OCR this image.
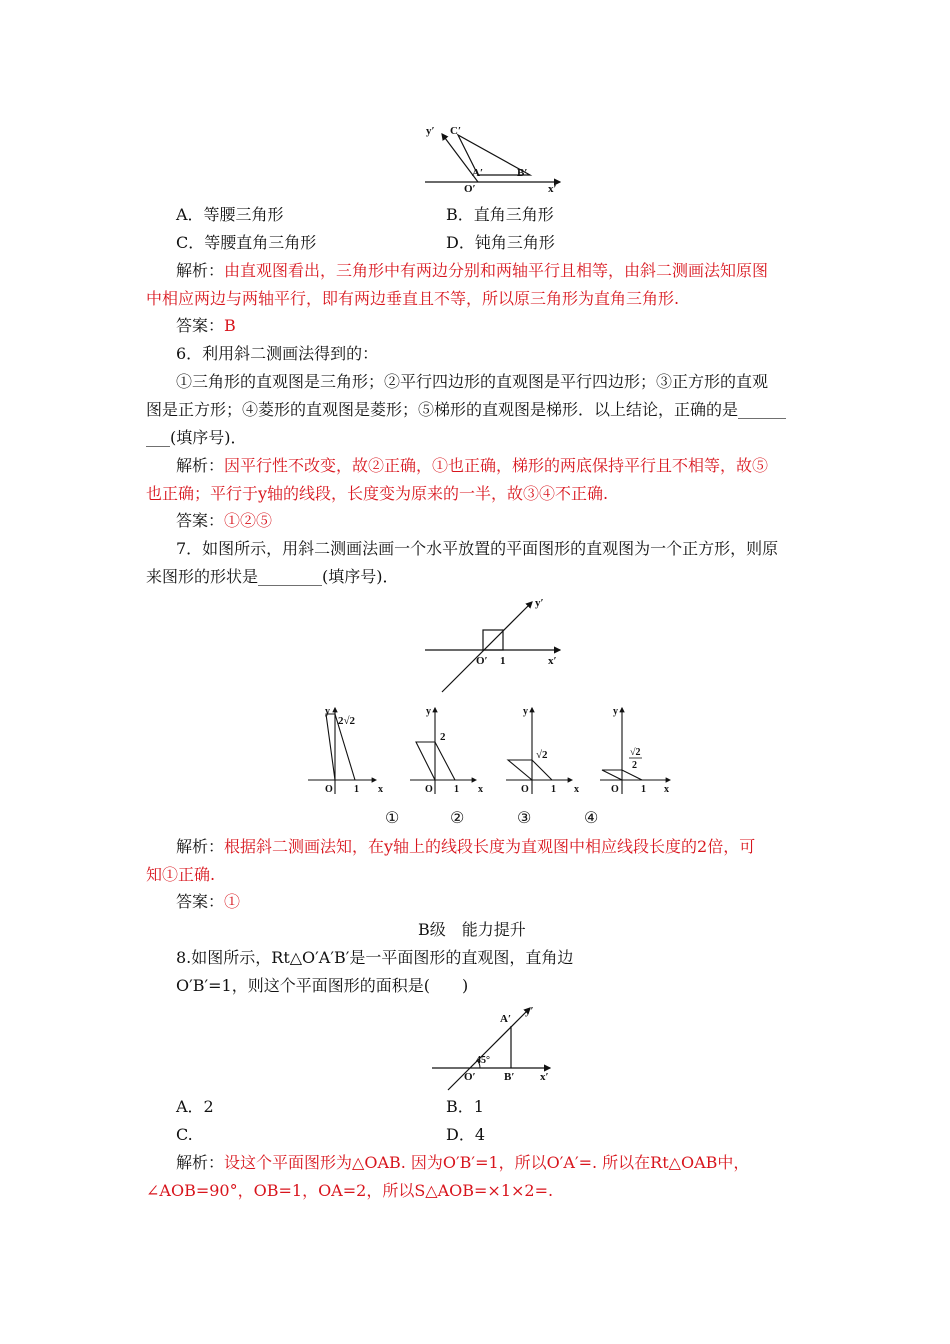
y′ C′
A′	B′
O′	x′
A．等腰三角形	B．直角三角形
C．等腰直角三角形	D．钝角三角形
解析：由直观图看出，三角形中有两边分别和两轴平行且相等，由斜二测画法知原图
中相应两边与两轴平行，即有两边垂直且不等，所以原三角形为直角三角形.
答案：B
6．利用斜二测画法得到的：
①三角形的直观图是三角形；②平行四边形的直观图是平行四边形；③正方形的直观
图是正方形；④菱形的直观图是菱形；⑤梯形的直观图是梯形．以上结论，正确的是______
___(填序号)．
解析：因平行性不改变，故②正确，①也正确，梯形的两底保持平行且不相等，故⑤
也正确；平行于y轴的线段，长度变为原来的一半，故③④不正确.
答案：①②⑤
7．如图所示，用斜二测画法画一个水平放置的平面图形的直观图为一个正方形，则原
来图形的形状是________(填序号)．
y′
x′
O′ 1
y
2√2
O 1 x
y
2
O 1 x
y
√2
O 1 x
y
√2
2
O 1 x
①	②	③	④
解析：根据斜二测画法知，在y轴上的线段长度为直观图中相应线段长度的2倍，可
知①正确.
答案：①
B级　能力提升
8.如图所示，Rt△O′A′B′是一平面图形的直观图，直角边
O′B′=1，则这个平面图形的面积是(　　)
A′
y′
45°
O′	B′ x′
A．2	B．1
C.	D．4
解析：设这个平面图形为△OAB. 因为O′B′=1，所以O′A′=. 所以在Rt△OAB中，
∠AOB=90°，OB=1，OA=2，所以S△AOB=×1×2=.
